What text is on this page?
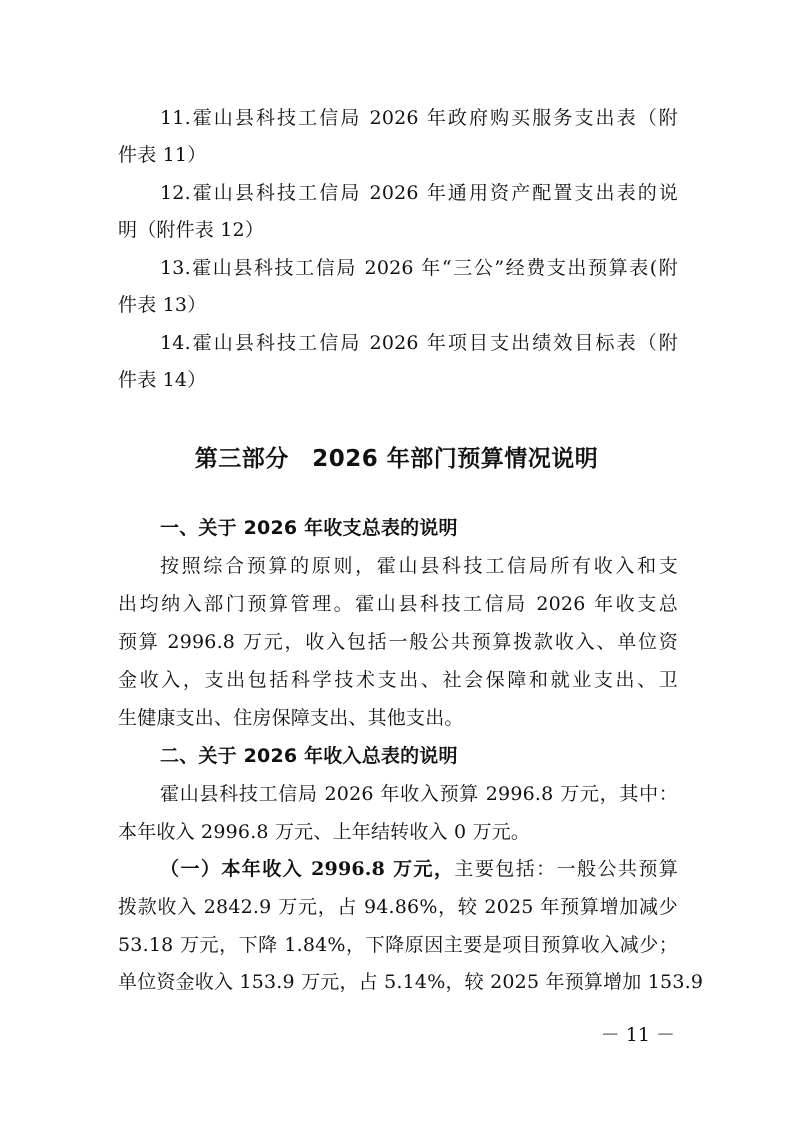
11.霍山县科技工信局 2026 年政府购买服务支出表（附
件表 11）
12.霍山县科技工信局 2026 年通用资产配置支出表的说
明（附件表 12）
13.霍山县科技工信局 2026 年“三公”经费支出预算表(附
件表 13）
14.霍山县科技工信局 2026 年项目支出绩效目标表（附
件表 14）
第三部分　2026 年部门预算情况说明
一、关于 2026 年收支总表的说明
按照综合预算的原则，霍山县科技工信局所有收入和支
出均纳入部门预算管理。霍山县科技工信局 2026 年收支总
预算 2996.8 万元，收入包括一般公共预算拨款收入、单位资
金收入，支出包括科学技术支出、社会保障和就业支出、卫
生健康支出、住房保障支出、其他支出。
二、关于 2026 年收入总表的说明
霍山县科技工信局 2026 年收入预算 2996.8 万元，其中：
本年收入 2996.8 万元、上年结转收入 0 万元。
（一）本年收入 2996.8 万元，主要包括：一般公共预算
拨款收入 2842.9 万元，占 94.86%，较 2025 年预算增加减少
53.18 万元，下降 1.84%，下降原因主要是项目预算收入减少；
单位资金收入 153.9 万元，占 5.14%，较 2025 年预算增加 153.9
－ 11 －
